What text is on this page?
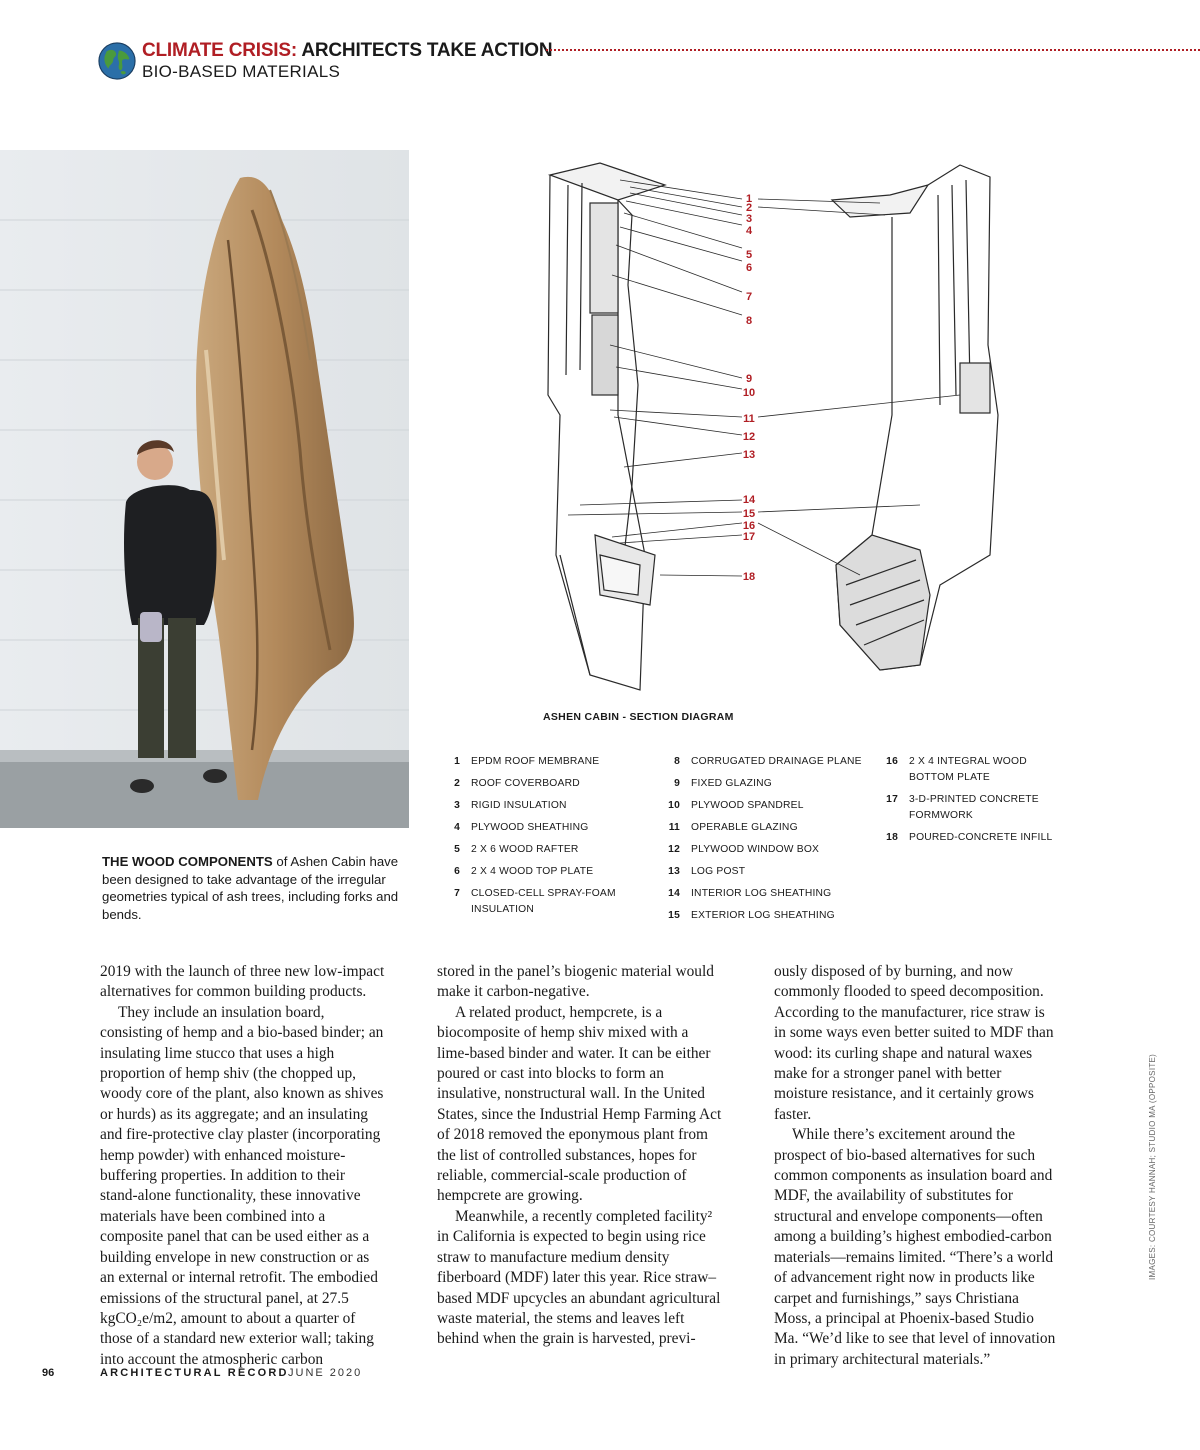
CLIMATE CRISIS: ARCHITECTS TAKE ACTION
BIO-BASED MATERIALS
THE WOOD COMPONENTS of Ashen Cabin have been designed to take advantage of the irregular geometries typical of ash trees, including forks and bends.
1
2
3
4
5
6
7
8
9
10
11
12
13
14
15
16
17
18
ASHEN CABIN - SECTION DIAGRAM
1	EPDM ROOF MEMBRANE
2	ROOF COVERBOARD
3	RIGID INSULATION
4	PLYWOOD SHEATHING
5	2 X 6 WOOD RAFTER
6	2 X 4 WOOD TOP PLATE
7	CLOSED-CELL SPRAY-FOAM INSULATION
8	CORRUGATED DRAINAGE PLANE
9	FIXED GLAZING
10	PLYWOOD SPANDREL
11	OPERABLE GLAZING
12	PLYWOOD WINDOW BOX
13	LOG POST
14	INTERIOR LOG SHEATHING
15	EXTERIOR LOG SHEATHING
16	2 X 4 INTEGRAL WOOD BOTTOM PLATE
17	3-D-PRINTED CONCRETE FORMWORK
18	POURED-CONCRETE INFILL

2019 with the launch of three new low-impact alternatives for common building products.

They include an insulation board, consisting of hemp and a bio-based binder; an insulating lime stucco that uses a high proportion of hemp shiv (the chopped up, woody core of the plant, also known as shives or hurds) as its aggregate; and an insulating and fire-protective clay plaster (incorporating hemp powder) with enhanced moisture-buffering properties. In addition to their stand-alone functionality, these innovative materials have been combined into a composite panel that can be used either as a building envelope in new construction or as an external or internal retrofit. The embodied emissions of the structural panel, at 27.5 kgCO₂e/m2, amount to about a quarter of those of a standard new exterior wall; taking into account the atmospheric carbon

stored in the panel’s biogenic material would make it carbon-negative.

A related product, hempcrete, is a biocomposite of hemp shiv mixed with a lime-based binder and water. It can be either poured or cast into blocks to form an insulative, nonstructural wall. In the United States, since the Industrial Hemp Farming Act of 2018 removed the eponymous plant from the list of controlled substances, hopes for reliable, commercial-scale production of hempcrete are growing.

Meanwhile, a recently completed facility² in California is expected to begin using rice straw to manufacture medium density fiberboard (MDF) later this year. Rice straw–based MDF upcycles an abundant agricultural waste material, the stems and leaves left behind when the grain is harvested, previ-

ously disposed of by burning, and now commonly flooded to speed decomposition. According to the manufacturer, rice straw is in some ways even better suited to MDF than wood: its curling shape and natural waxes make for a stronger panel with better moisture resistance, and it certainly grows faster.

While there’s excitement around the prospect of bio-based alternatives for such common components as insulation board and MDF, the availability of substitutes for structural and envelope components—often among a building’s highest embodied-carbon materials—remains limited. “There’s a world of advancement right now in products like carpet and furnishings,” says Christiana Moss, a principal at Phoenix-based Studio Ma. “We’d like to see that level of innovation in primary architectural materials.”

IMAGES: COURTESY HANNAH; STUDIO MA (OPPOSITE)
96	ARCHITECTURAL RECORD JUNE 2020
